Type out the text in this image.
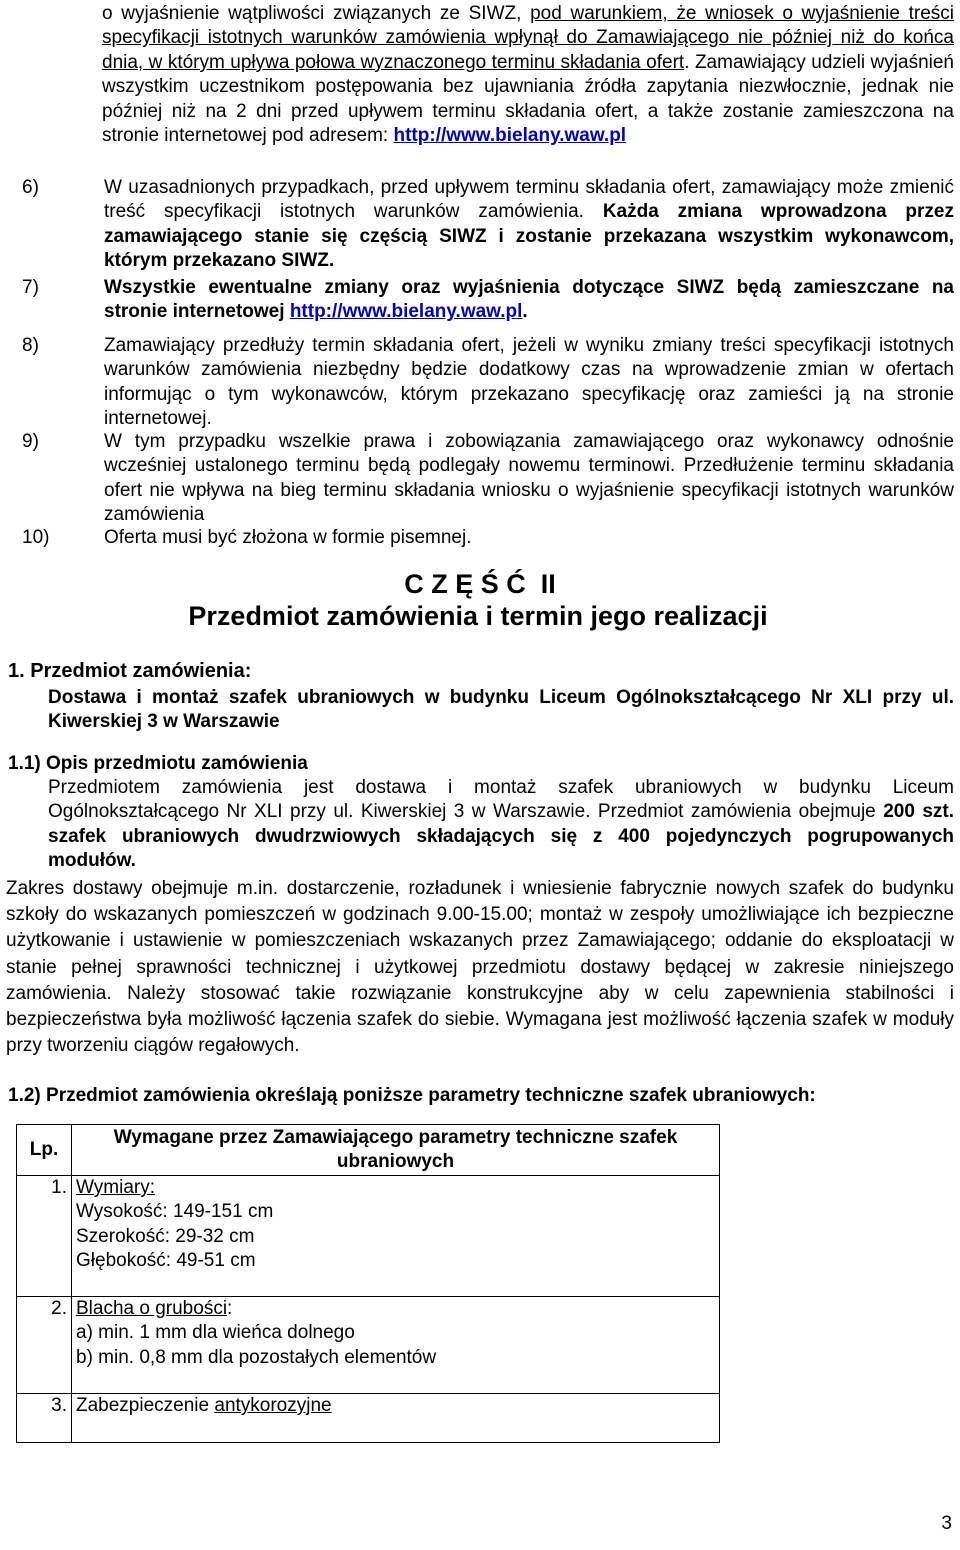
o wyjaśnienie wątpliwości związanych ze SIWZ, pod warunkiem, że wniosek o wyjaśnienie treści specyfikacji istotnych warunków zamówienia wpłynął do Zamawiającego nie później niż do końca dnia, w którym upływa połowa wyznaczonego terminu składania ofert. Zamawiający udzieli wyjaśnień wszystkim uczestnikom postępowania bez ujawniania źródła zapytania niezwłocznie, jednak nie później niż na 2 dni przed upływem terminu składania ofert, a także zostanie zamieszczona na stronie internetowej pod adresem: http://www.bielany.waw.pl
6)	W uzasadnionych przypadkach, przed upływem terminu składania ofert, zamawiający może zmienić treść specyfikacji istotnych warunków zamówienia. Każda zmiana wprowadzona przez zamawiającego stanie się częścią SIWZ i zostanie przekazana wszystkim wykonawcom, którym przekazano SIWZ.
7)	Wszystkie ewentualne zmiany oraz wyjaśnienia dotyczące SIWZ będą zamieszczane na stronie internetowej http://www.bielany.waw.pl.
8)	Zamawiający przedłuży termin składania ofert, jeżeli w wyniku zmiany treści specyfikacji istotnych warunków zamówienia niezbędny będzie dodatkowy czas na wprowadzenie zmian w ofertach informując o tym wykonawców, którym przekazano specyfikację oraz zamieści ją na stronie internetowej.
9)	W tym przypadku wszelkie prawa i zobowiązania zamawiającego oraz wykonawcy odnośnie wcześniej ustalonego terminu będą podlegały nowemu terminowi. Przedłużenie terminu składania ofert nie wpływa na bieg terminu składania wniosku o wyjaśnienie specyfikacji istotnych warunków zamówienia
10)	Oferta musi być złożona w formie pisemnej.
C Z Ę Ś Ć  II
Przedmiot zamówienia i termin jego realizacji
1. Przedmiot zamówienia:
Dostawa i montaż szafek ubraniowych w budynku Liceum Ogólnokształcącego Nr XLI przy ul. Kiwerskiej 3 w Warszawie
1.1) Opis przedmiotu zamówienia
Przedmiotem zamówienia jest dostawa i montaż szafek ubraniowych w budynku Liceum Ogólnokształcącego Nr XLI przy ul. Kiwerskiej 3 w Warszawie. Przedmiot zamówienia obejmuje 200 szt. szafek ubraniowych dwudrzwiowych składających się z 400 pojedynczych pogrupowanych modułów.
Zakres dostawy obejmuje m.in. dostarczenie, rozładunek i wniesienie fabrycznie nowych szafek do budynku szkoły do wskazanych pomieszczeń w godzinach 9.00-15.00; montaż w zespoły umożliwiające ich bezpieczne użytkowanie i ustawienie w pomieszczeniach wskazanych przez Zamawiającego; oddanie do eksploatacji w stanie pełnej sprawności technicznej i użytkowej przedmiotu dostawy będącej w zakresie niniejszego zamówienia. Należy stosować takie rozwiązanie konstrukcyjne aby w celu zapewnienia stabilności i bezpieczeństwa była możliwość łączenia szafek do siebie. Wymagana jest możliwość łączenia szafek w moduły przy tworzeniu ciągów regałowych.
1.2) Przedmiot zamówienia określają poniższe parametry techniczne szafek ubraniowych:
Lp.	Wymagane przez Zamawiającego parametry techniczne szafek ubraniowych
1.	Wymiary:
Wysokość: 149-151 cm
Szerokość: 29-32 cm
Głębokość: 49-51 cm

2.	Blacha o grubości:
a) min. 1 mm dla wieńca dolnego
b) min. 0,8 mm dla pozostałych elementów

3.	Zabezpieczenie antykorozyjne
3
